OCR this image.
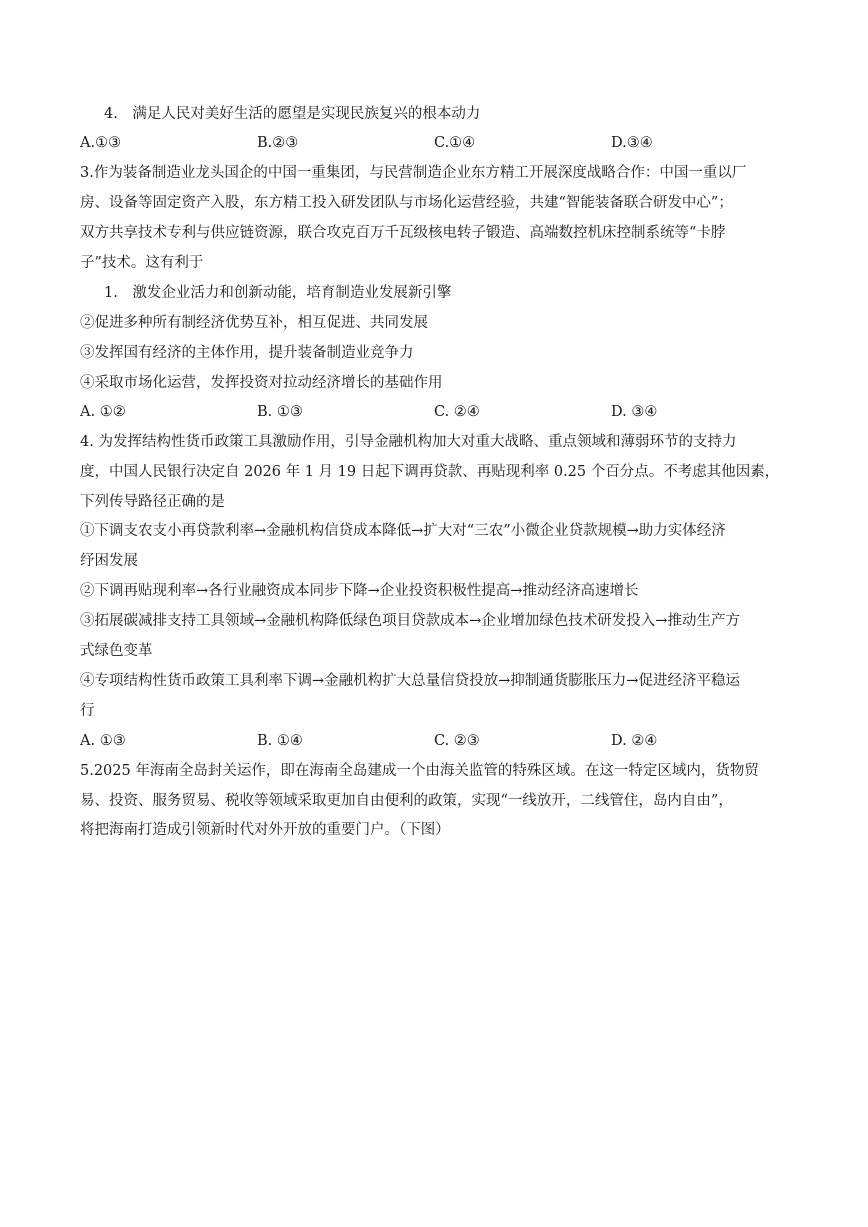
4.　满足人民对美好生活的愿望是实现民族复兴的根本动力
A.①③	B.②③	C.①④	D.③④
3.作为装备制造业龙头国企的中国一重集团，与民营制造企业东方精工开展深度战略合作：中国一重以厂
房、设备等固定资产入股，东方精工投入研发团队与市场化运营经验，共建“智能装备联合研发中心”；
双方共享技术专利与供应链资源，联合攻克百万千瓦级核电转子锻造、高端数控机床控制系统等“卡脖
子”技术。这有利于
1.　激发企业活力和创新动能，培育制造业发展新引擎
②促进多种所有制经济优势互补，相互促进、共同发展
③发挥国有经济的主体作用，提升装备制造业竞争力
④采取市场化运营，发挥投资对拉动经济增长的基础作用
A. ①②	B. ①③	C. ②④	D. ③④
4. 为发挥结构性货币政策工具激励作用，引导金融机构加大对重大战略、重点领域和薄弱环节的支持力
度，中国人民银行决定自 2026 年 1 月 19 日起下调再贷款、再贴现利率 0.25 个百分点。不考虑其他因素，
下列传导路径正确的是
①下调支农支小再贷款利率→金融机构信贷成本降低→扩大对“三农”小微企业贷款规模→助力实体经济
纾困发展
②下调再贴现利率→各行业融资成本同步下降→企业投资积极性提高→推动经济高速增长
③拓展碳减排支持工具领域→金融机构降低绿色项目贷款成本→企业增加绿色技术研发投入→推动生产方
式绿色变革
④专项结构性货币政策工具利率下调→金融机构扩大总量信贷投放→抑制通货膨胀压力→促进经济平稳运
行
A. ①③	B. ①④	C. ②③	D. ②④
5.2025 年海南全岛封关运作，即在海南全岛建成一个由海关监管的特殊区域。在这一特定区域内，货物贸
易、投资、服务贸易、税收等领域采取更加自由便利的政策，实现“一线放开，二线管住，岛内自由”，
将把海南打造成引领新时代对外开放的重要门户。（下图）
